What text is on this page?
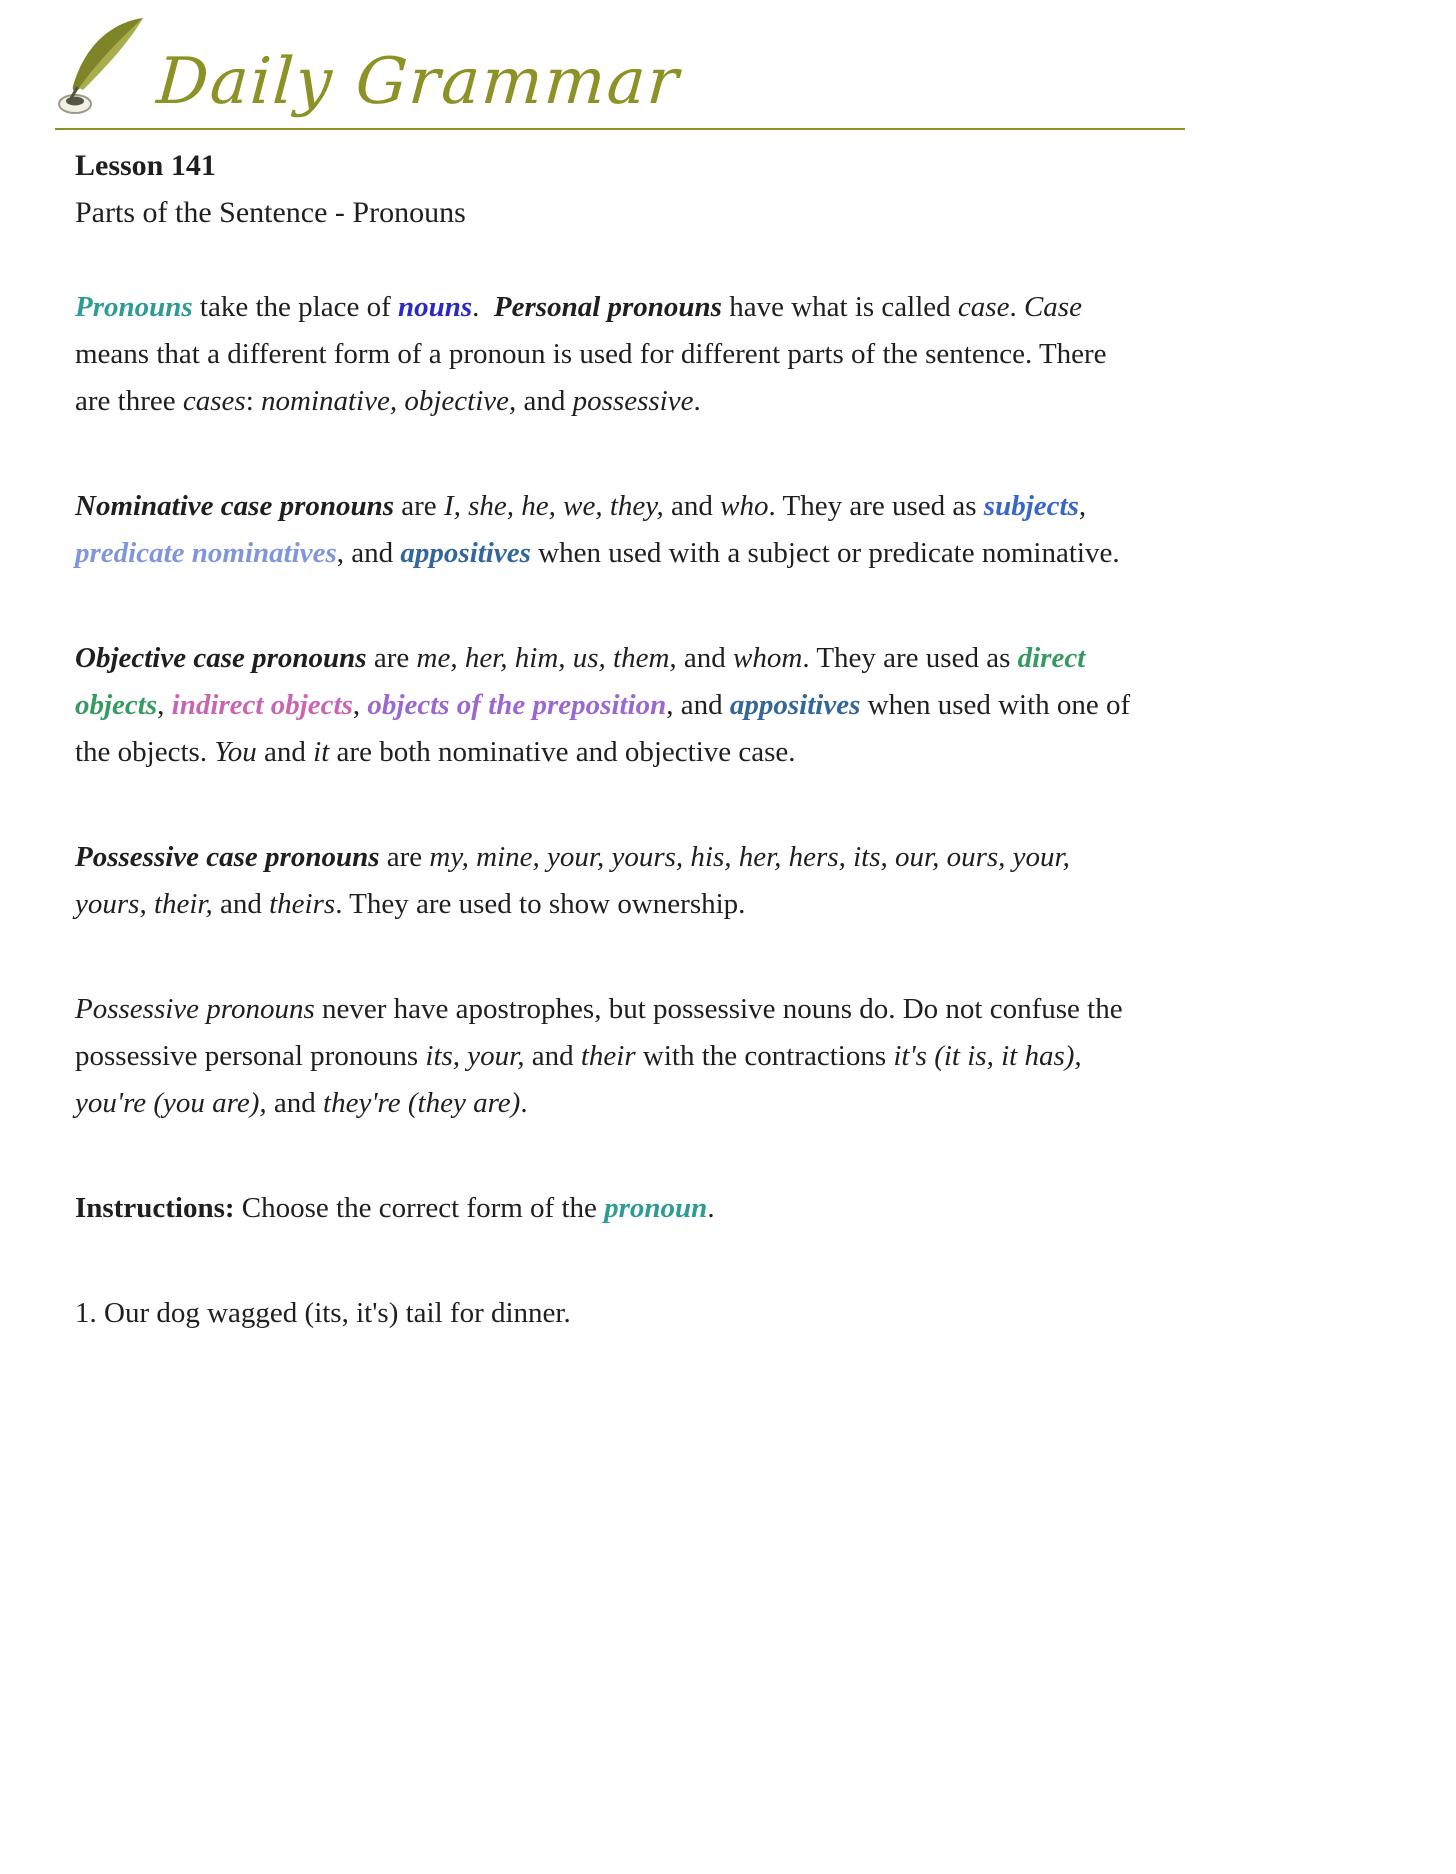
Daily Grammar
Lesson 141
Parts of the Sentence - Pronouns

Pronouns take the place of nouns.  Personal pronouns have what is called case. Case means that a different form of a pronoun is used for different parts of the sentence. There are three cases: nominative, objective, and possessive.

Nominative case pronouns are I, she, he, we, they, and who. They are used as subjects, predicate nominatives, and appositives when used with a subject or predicate nominative.

Objective case pronouns are me, her, him, us, them, and whom. They are used as direct objects, indirect objects, objects of the preposition, and appositives when used with one of the objects. You and it are both nominative and objective case.

Possessive case pronouns are my, mine, your, yours, his, her, hers, its, our, ours, your, yours, their, and theirs. They are used to show ownership.

Possessive pronouns never have apostrophes, but possessive nouns do. Do not confuse the possessive personal pronouns its, your, and their with the contractions it's (it is, it has), you're (you are), and they're (they are).

Instructions: Choose the correct form of the pronoun.

1. Our dog wagged (its, it's) tail for dinner.
